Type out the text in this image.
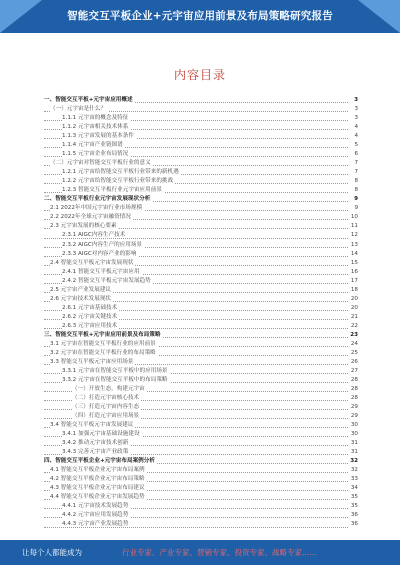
智能交互平板企业+元宇宙应用前景及布局策略研究报告
内容目录
一、智能交互平板+元宇宙应用概述	3
（一）元宇宙是什么？	3
1.1.1 元宇宙的概念及特征	3
1.1.2 元宇宙相关技术体系	4
1.1.3 元宇宙发展的基本条件	4
1.1.4 元宇宙产业链图谱	5
1.1.5 元宇宙企业布局情况	6
（二）元宇宙对智能交互平板行业的意义	7
1.2.1 元宇宙给智能交互平板行业带来的新机遇	7
1.2.2 元宇宙给智能交互平板行业带来的挑战	8
1.2.3 智能交互平板行业元宇宙应用前景	8
二、智能交互平板行业元宇宙发展现状分析	9
2.1 2022年中国元宇宙行业市场规模	9
2.2 2022年全球元宇宙融资情况	10
2.3 元宇宙发展的核心要素	11
2.3.1 AIGC内容生产技术	12
2.3.2 AIGC内容生产的应用场景	13
2.3.3 AIGC对内容产业的影响	14
2.4 智能交互平板元宇宙发展现状	15
2.4.1 智能交互平板元宇宙应用	16
2.4.2 智能交互平板元宇宙发展趋势	17
2.5 元宇宙产业发展建议	18
2.6 元宇宙技术发展现状	20
2.6.1 元宇宙基础技术	20
2.6.2 元宇宙关键技术	21
2.6.3 元宇宙应用技术	22
三、智能交互平板+元宇宙应用前景及布局策略	23
3.1 元宇宙在智能交互平板行业的应用前景	24
3.2 元宇宙在智能交互平板行业的布局策略	25
3.3 智能交互平板元宇宙应用场景	26
3.3.1 元宇宙在智能交互平板中的应用场景	27
3.3.2 元宇宙在智能交互平板中的布局策略	28
（一）开放生态，构建元宇宙	28
（二）打造元宇宙核心技术	28
（三）打造元宇宙内容生态	29
（四）打造元宇宙应用场景	29
3.4 智能交互平板元宇宙发展建议	30
3.4.1 加强元宇宙基础设施建设	30
3.4.2 推动元宇宙技术创新	31
3.4.3 完善元宇宙产业政策	31
四、智能交互平板企业+元宇宙布局案例分析	32
4.1 智能交互平板企业元宇宙布局案例	32
4.2 智能交互平板企业元宇宙布局策略	33
4.3 智能交互平板企业元宇宙布局建议	34
4.4 智能交互平板企业元宇宙发展趋势	35
4.4.1 元宇宙技术发展趋势	35
4.4.2 元宇宙应用发展趋势	36
4.4.3 元宇宙产业发展趋势	36
让每个人都能成为	行业专家、产业专家、营销专家、投资专家、战略专家……
